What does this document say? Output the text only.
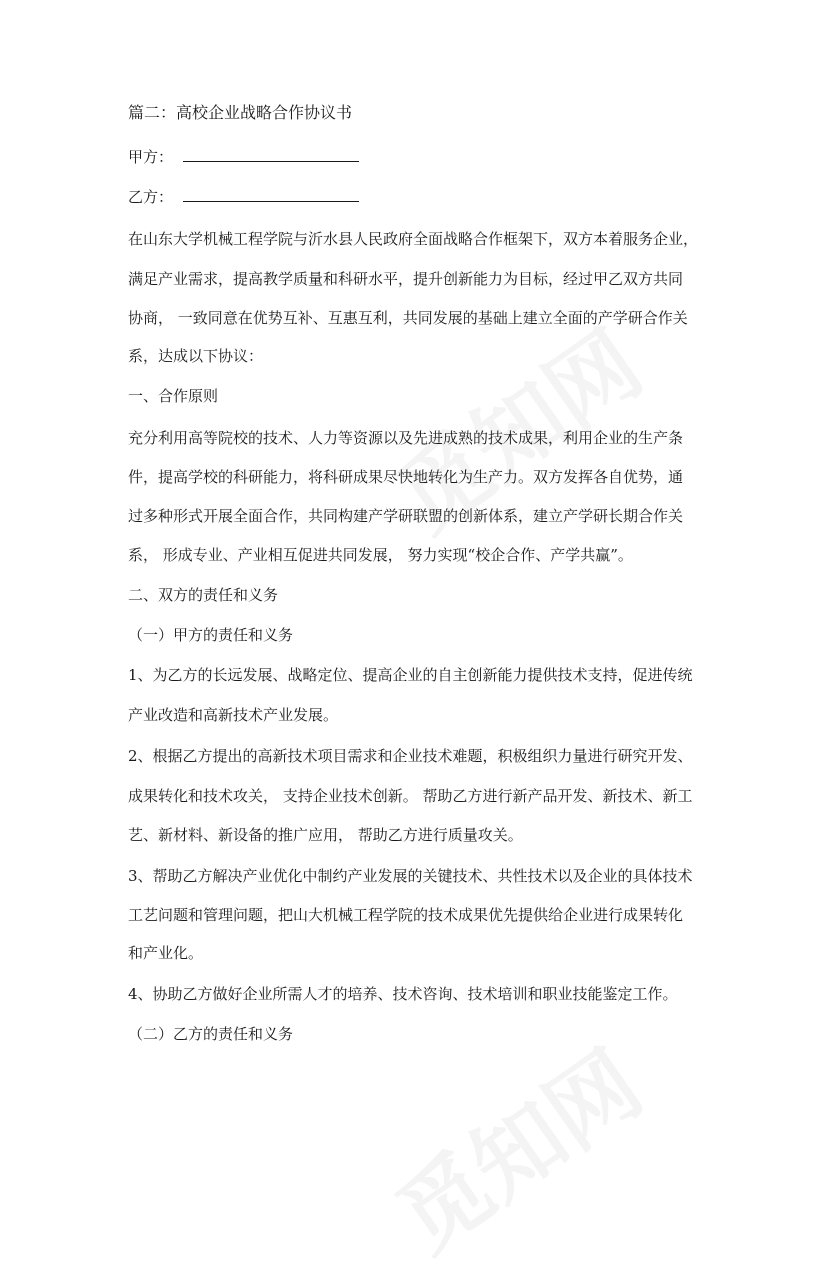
篇二：高校企业战略合作协议书
甲方：
乙方：
在山东大学机械工程学院与沂水县人民政府全面战略合作框架下，双方本着服务企业，
满足产业需求，提高教学质量和科研水平，提升创新能力为目标，经过甲乙双方共同
协商， 一致同意在优势互补、互惠互利，共同发展的基础上建立全面的产学研合作关
系，达成以下协议：
一、合作原则
充分利用高等院校的技术、人力等资源以及先进成熟的技术成果，利用企业的生产条
件，提高学校的科研能力，将科研成果尽快地转化为生产力。双方发挥各自优势，通
过多种形式开展全面合作，共同构建产学研联盟的创新体系，建立产学研长期合作关
系， 形成专业、产业相互促进共同发展， 努力实现“校企合作、产学共赢”。
二、双方的责任和义务
（一）甲方的责任和义务
1、为乙方的长远发展、战略定位、提高企业的自主创新能力提供技术支持，促进传统
产业改造和高新技术产业发展。
2、根据乙方提出的高新技术项目需求和企业技术难题，积极组织力量进行研究开发、
成果转化和技术攻关， 支持企业技术创新。 帮助乙方进行新产品开发、新技术、新工
艺、新材料、新设备的推广应用， 帮助乙方进行质量攻关。
3、帮助乙方解决产业优化中制约产业发展的关键技术、共性技术以及企业的具体技术
工艺问题和管理问题，把山大机械工程学院的技术成果优先提供给企业进行成果转化
和产业化。
4、协助乙方做好企业所需人才的培养、技术咨询、技术培训和职业技能鉴定工作。
（二）乙方的责任和义务
